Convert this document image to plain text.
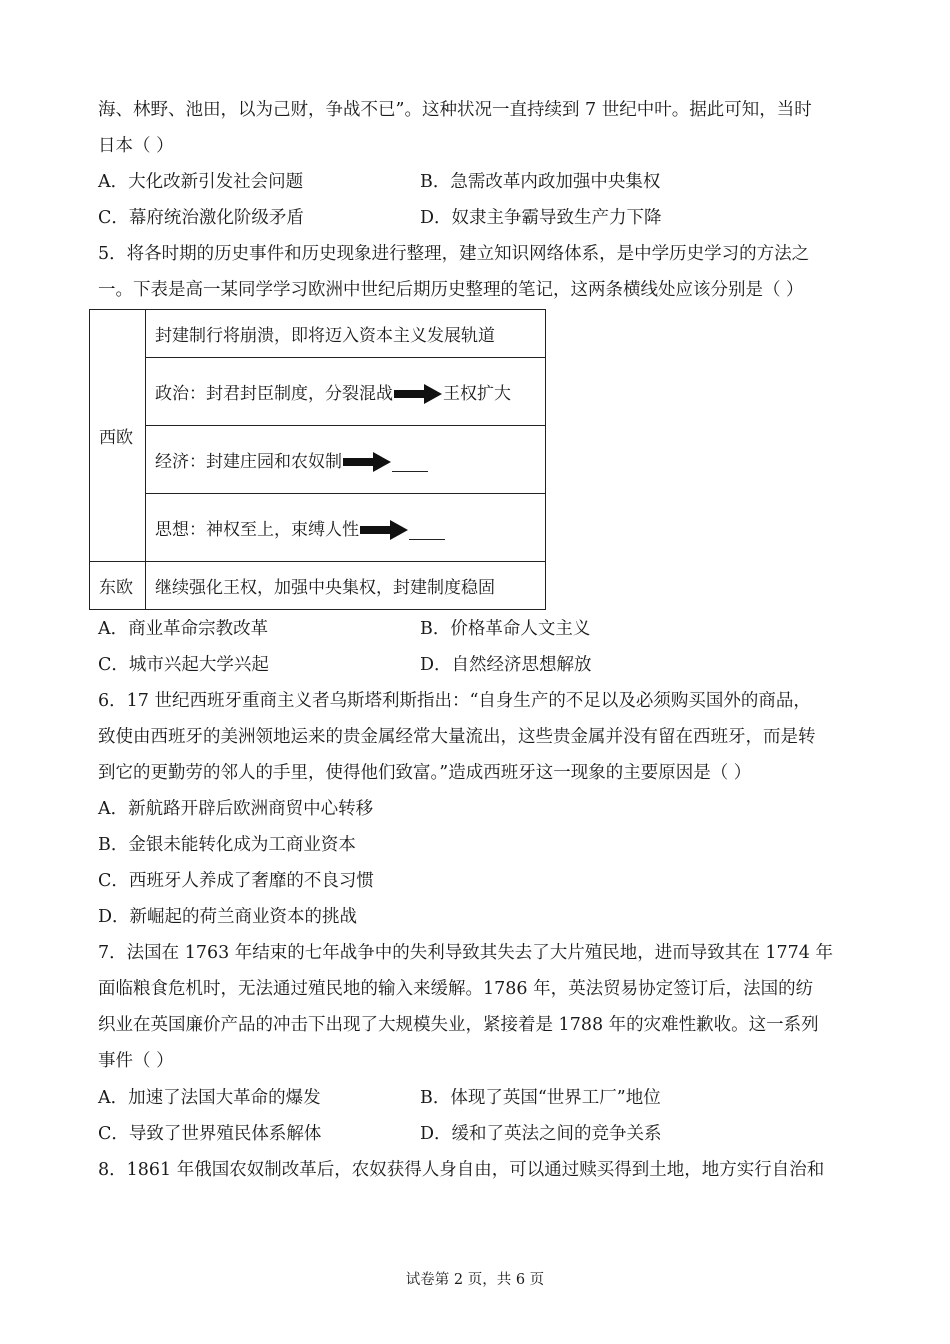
海、林野、池田，以为己财，争战不已”。这种状况一直持续到 7 世纪中叶。据此可知，当时
日本（ ）
A．大化改新引发社会问题	B．急需改革内政加强中央集权
C．幕府统治激化阶级矛盾	D．奴隶主争霸导致生产力下降
5．将各时期的历史事件和历史现象进行整理，建立知识网络体系，是中学历史学习的方法之
一。下表是高一某同学学习欧洲中世纪后期历史整理的笔记，这两条横线处应该分别是（ ）
西欧	封建制行将崩溃，即将迈入资本主义发展轨道
	政治：封君封臣制度，分裂混战 王权扩大
	经济：封建庄园和农奴制
	思想：神权至上，束缚人性
东欧	继续强化王权，加强中央集权，封建制度稳固
A．商业革命宗教改革	B．价格革命人文主义
C．城市兴起大学兴起	D．自然经济思想解放
6．17 世纪西班牙重商主义者乌斯塔利斯指出：“自身生产的不足以及必须购买国外的商品，
致使由西班牙的美洲领地运来的贵金属经常大量流出，这些贵金属并没有留在西班牙，而是转
到它的更勤劳的邻人的手里，使得他们致富。”造成西班牙这一现象的主要原因是（ ）
A．新航路开辟后欧洲商贸中心转移
B．金银未能转化成为工商业资本
C．西班牙人养成了奢靡的不良习惯
D．新崛起的荷兰商业资本的挑战
7．法国在 1763 年结束的七年战争中的失利导致其失去了大片殖民地，进而导致其在 1774 年
面临粮食危机时，无法通过殖民地的输入来缓解。1786 年，英法贸易协定签订后，法国的纺
织业在英国廉价产品的冲击下出现了大规模失业，紧接着是 1788 年的灾难性歉收。这一系列
事件（ ）
A．加速了法国大革命的爆发	B．体现了英国“世界工厂”地位
C．导致了世界殖民体系解体	D．缓和了英法之间的竞争关系
8．1861 年俄国农奴制改革后，农奴获得人身自由，可以通过赎买得到土地，地方实行自治和
试卷第 2 页，共 6 页
